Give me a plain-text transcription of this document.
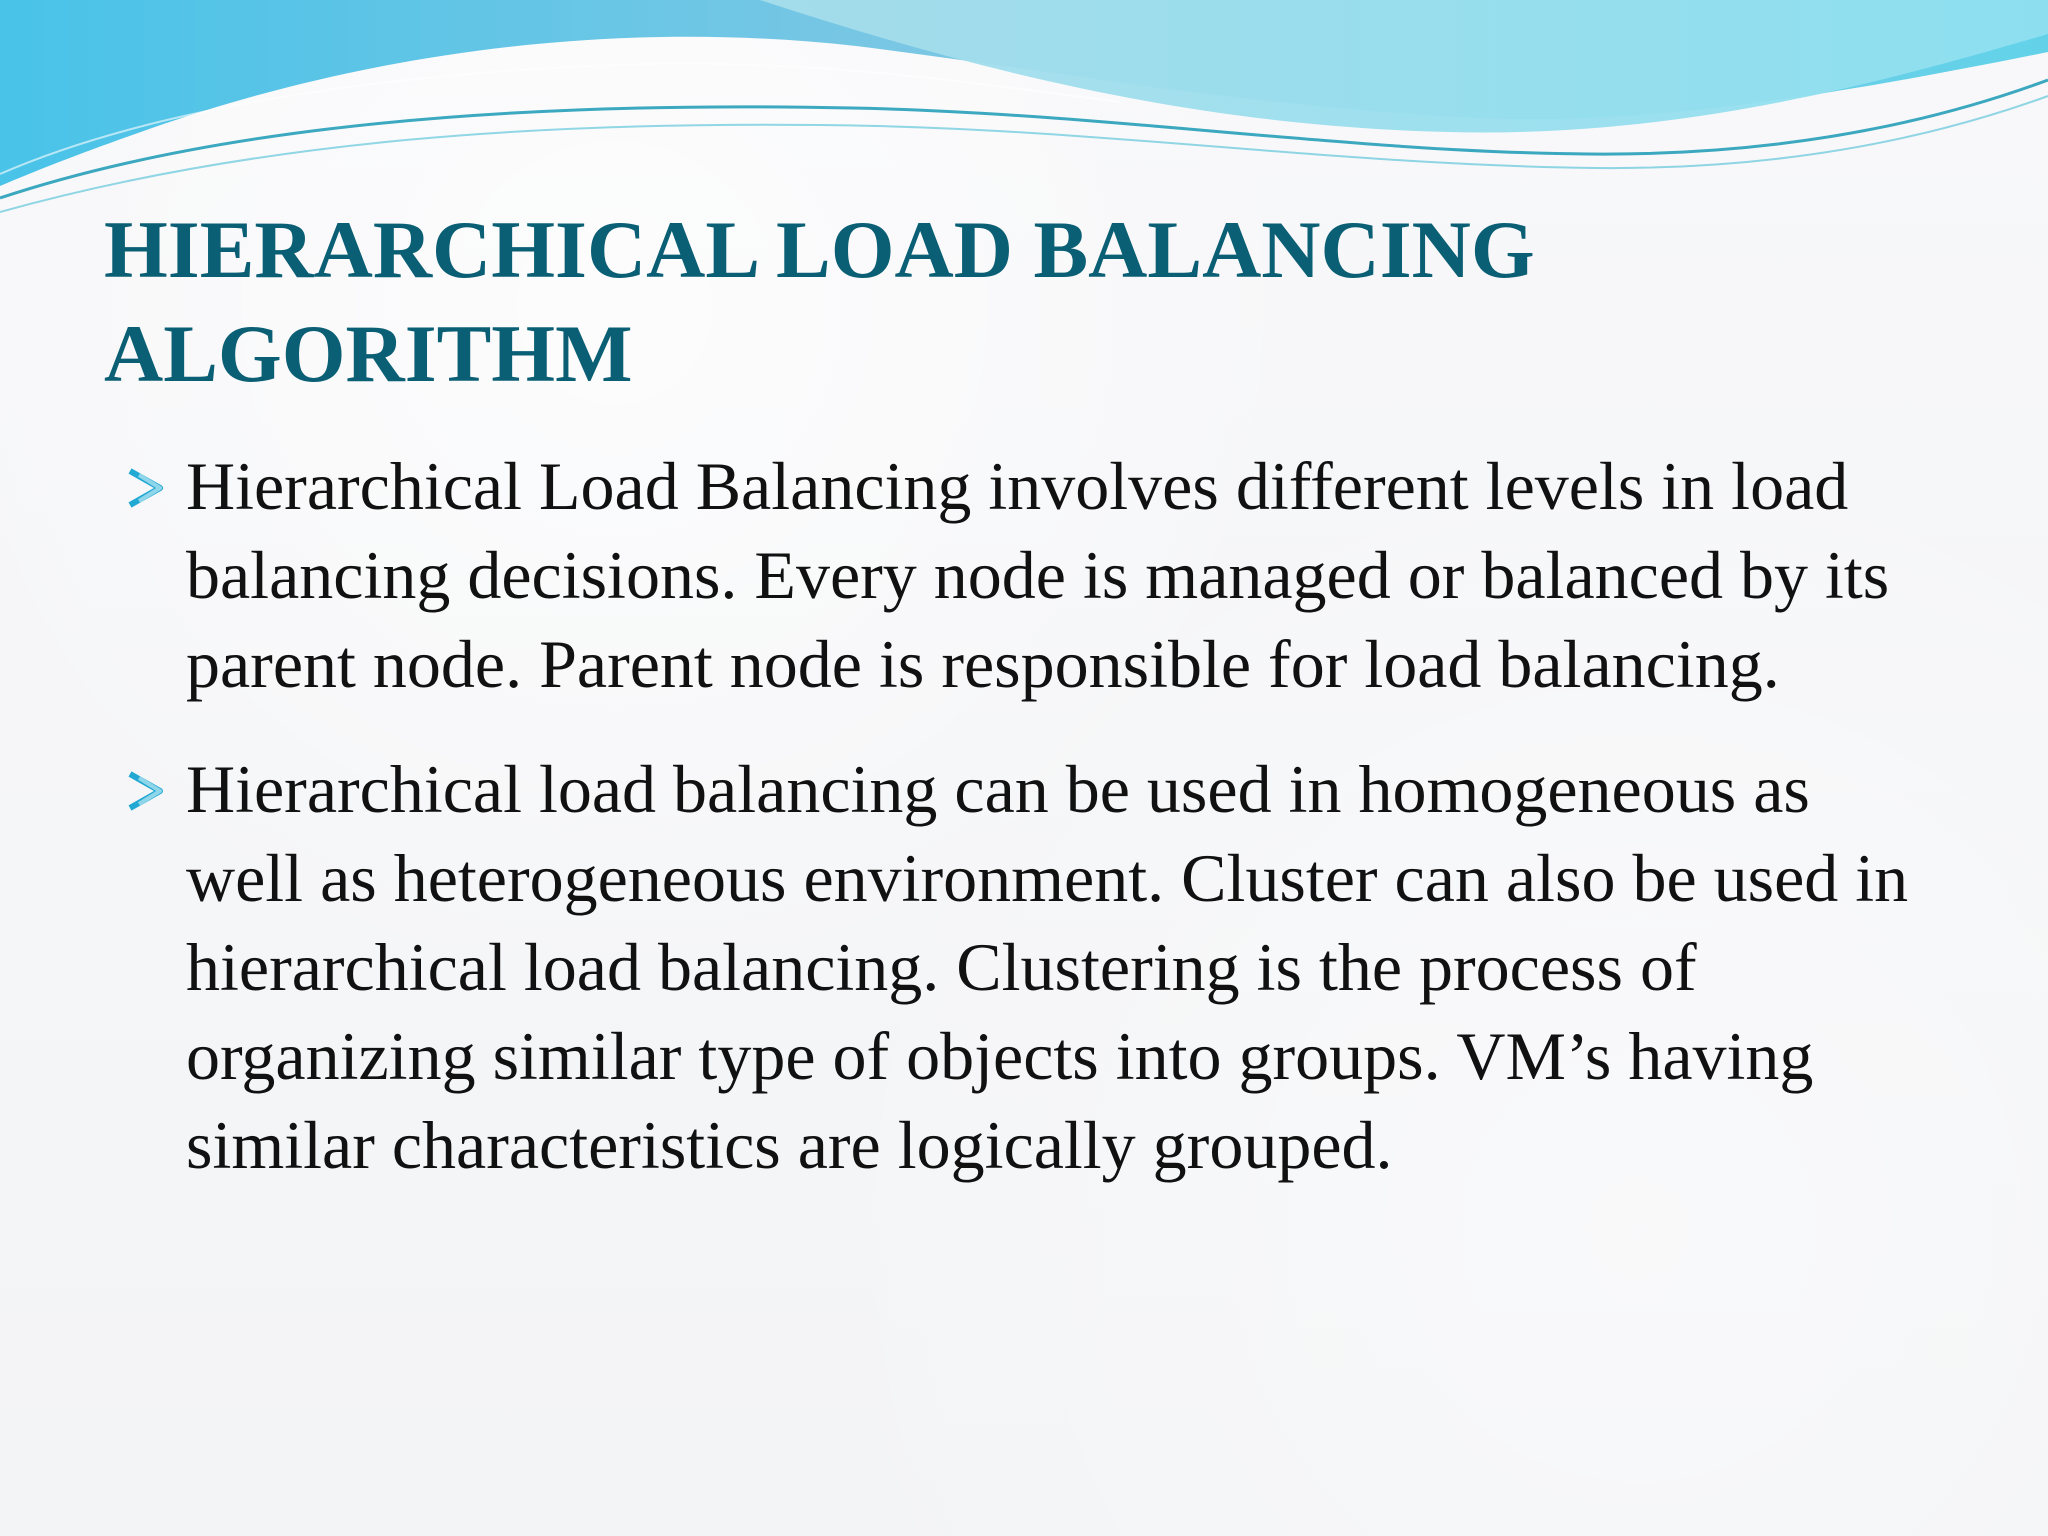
HIERARCHICAL LOAD BALANCING
ALGORITHM
Hierarchical Load Balancing involves different levels in load balancing decisions. Every node is managed or balanced by its parent node. Parent node is responsible for load balancing.
Hierarchical load balancing can be used in homogeneous as well as heterogeneous environment. Cluster can also be used in hierarchical load balancing. Clustering is the process of organizing similar type of objects into groups. VM’s having similar characteristics are logically grouped.
